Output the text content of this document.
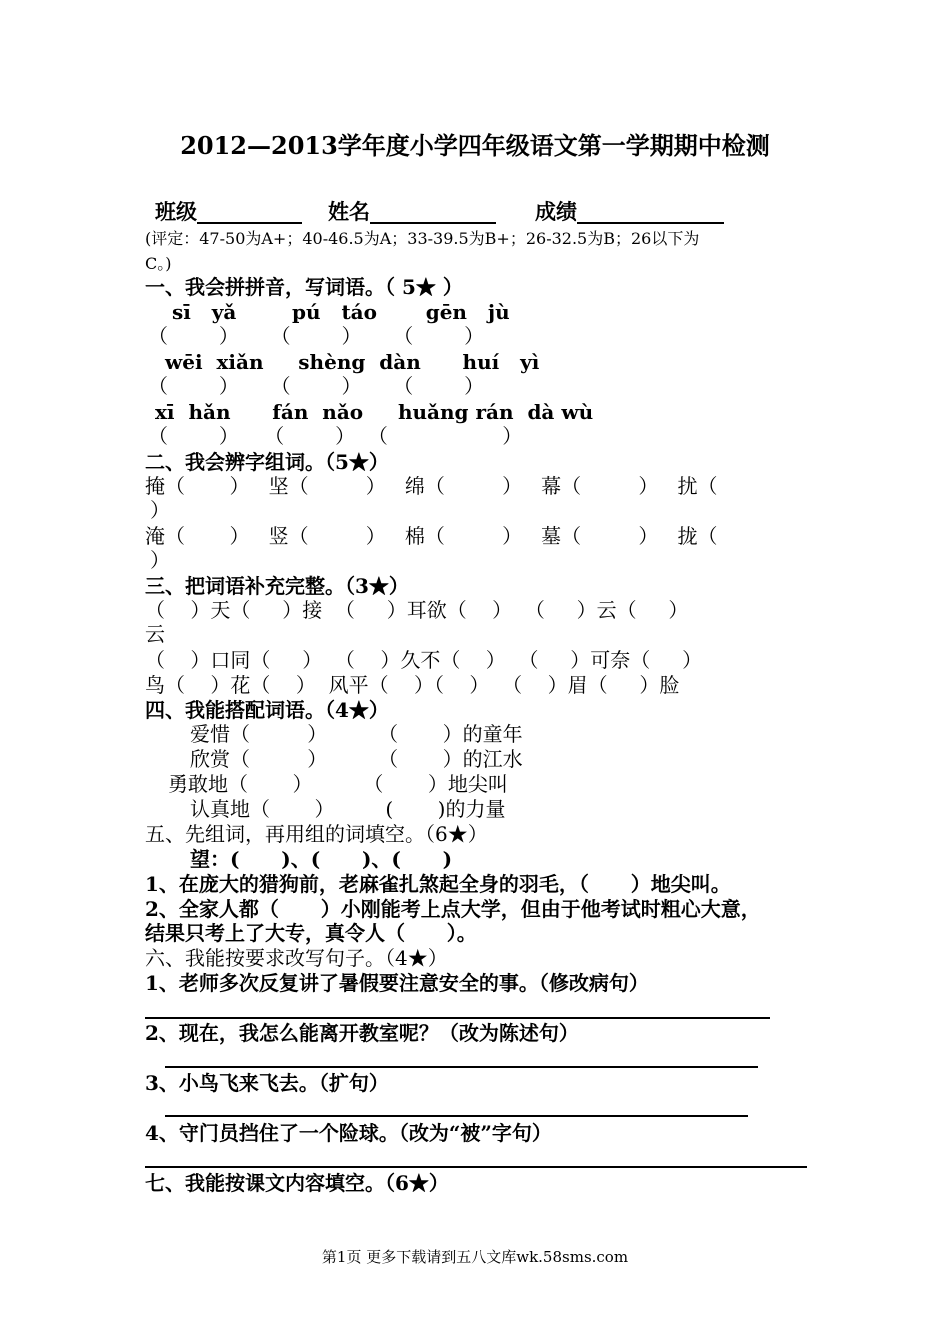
2012—2013学年度小学四年级语文第一学期期中检测
班级__________ 姓名____________ 成绩______________
(评定：47-50为A+；40-46.5为A；33-39.5为B+；26-32.5为B；26以下为
C。)
一、我会拼拼音，写词语。（ 5★ ）
sī   yǎ        pú   táo       gēn   jù
（        ）     （        ）     （        ）
wēi  xiǎn     shèng  dàn      huí   yì
（        ）     （        ）     （        ）
xī  hǎn      fán  nǎo     huǎng rán  dà wù
（        ）    （        ）  （                  ）
二、我会辨字组词。（5★）
掩（       ）   坚（         ）   绵（         ）   幕（         ）   扰（
）
淹（       ）   竖（         ）   棉（         ）   墓（         ）   拢（
）
三、把词语补充完整。（3★）
（    ）天（     ）接  （     ）耳欲（    ）  （     ）云（     ）
云
（    ）口同（     ）  （    ）久不（    ）  （     ）可奈（     ）
鸟（    ）花（    ）  风平（    ）（    ）  （    ）眉（     ）脸
四、我能搭配词语。（4★）
爱惜（         ）        （       ）的童年
欣赏（         ）        （       ）的江水
勇敢地（       ）        （       ）地尖叫
认真地（       ）        (       )的力量
五、先组词，再用组的词填空。（6★）
望：(      )、(      )、(      )
1、在庞大的猎狗前，老麻雀扎煞起全身的羽毛，（      ）地尖叫。
2、全家人都（      ）小刚能考上点大学，但由于他考试时粗心大意，
结果只考上了大专，真令人（      ）。
六、我能按要求改写句子。（4★）
1、老师多次反复讲了暑假要注意安全的事。（修改病句）
2、现在，我怎么能离开教室呢？（改为陈述句）
3、小鸟飞来飞去。（扩句）
4、守门员挡住了一个险球。（改为“被”字句）
七、我能按课文内容填空。（6★）
第1页 更多下载请到五八文库wk.58sms.com
